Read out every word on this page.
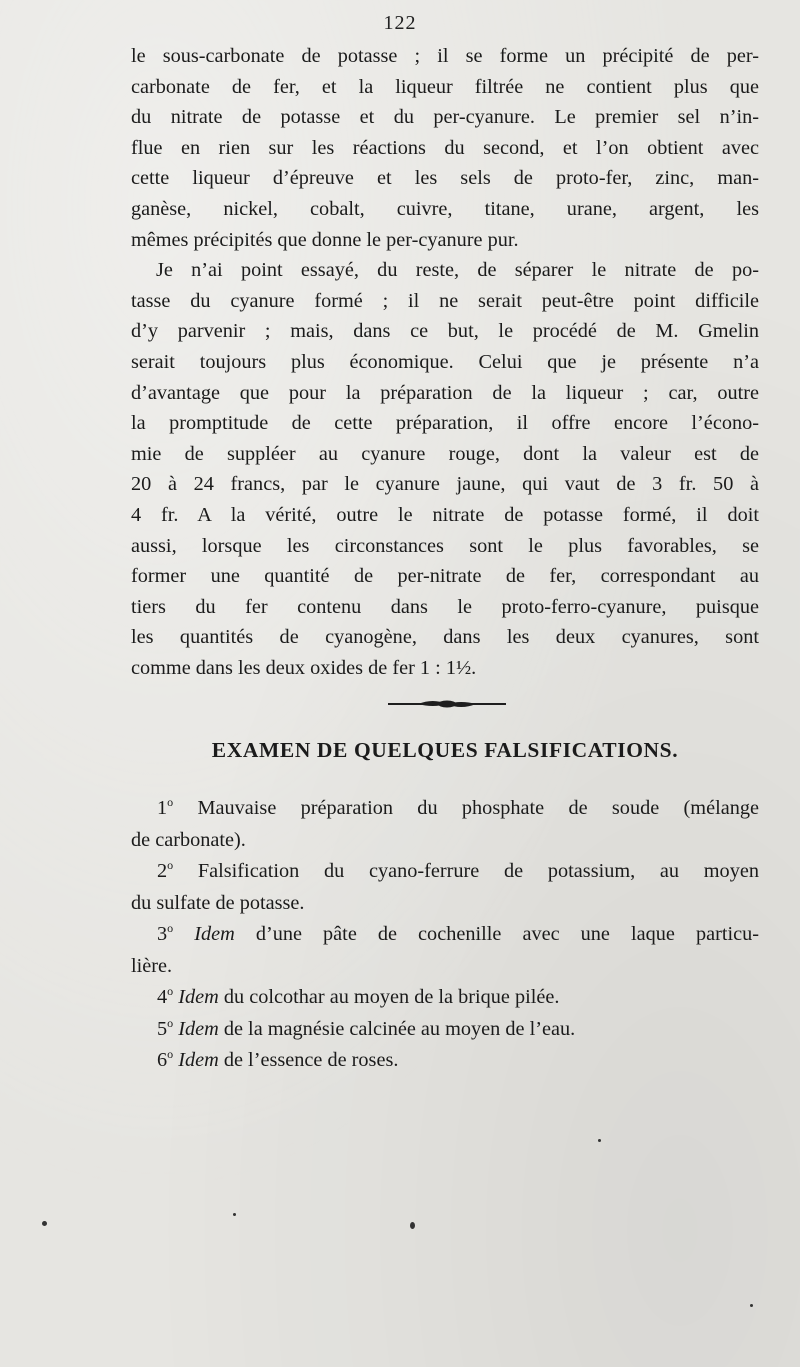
122

le sous-carbonate de potasse ; il se forme un précipité de per-
carbonate de fer, et la liqueur filtrée ne contient plus que
du nitrate de potasse et du per-cyanure. Le premier sel n’in-
flue en rien sur les réactions du second, et l’on obtient avec
cette liqueur d’épreuve et les sels de proto-fer, zinc, man-
ganèse, nickel, cobalt, cuivre, titane, urane, argent, les
mêmes précipités que donne le per-cyanure pur.

Je n’ai point essayé, du reste, de séparer le nitrate de po-
tasse du cyanure formé ; il ne serait peut-être point difficile
d’y parvenir ; mais, dans ce but, le procédé de M. Gmelin
serait toujours plus économique. Celui que je présente n’a
d’avantage que pour la préparation de la liqueur ; car, outre
la promptitude de cette préparation, il offre encore l’écono-
mie de suppléer au cyanure rouge, dont la valeur est de
20 à 24 francs, par le cyanure jaune, qui vaut de 3 fr. 50 à
4 fr. A la vérité, outre le nitrate de potasse formé, il doit
aussi, lorsque les circonstances sont le plus favorables, se
former une quantité de per-nitrate de fer, correspondant au
tiers du fer contenu dans le proto-ferro-cyanure, puisque
les quantités de cyanogène, dans les deux cyanures, sont
comme dans les deux oxides de fer 1 : 1½.

EXAMEN DE QUELQUES FALSIFICATIONS.

1$^o$ Mauvaise préparation du phosphate de soude (mélange
de carbonate).

2$^o$ Falsification du cyano-ferrure de potassium, au moyen
du sulfate de potasse.

3$^o$ Idem d’une pâte de cochenille avec une laque particu-
lière.

4$^o$ Idem du colcothar au moyen de la brique pilée.

5$^o$ Idem de la magnésie calcinée au moyen de l’eau.

6$^o$ Idem de l’essence de roses.
